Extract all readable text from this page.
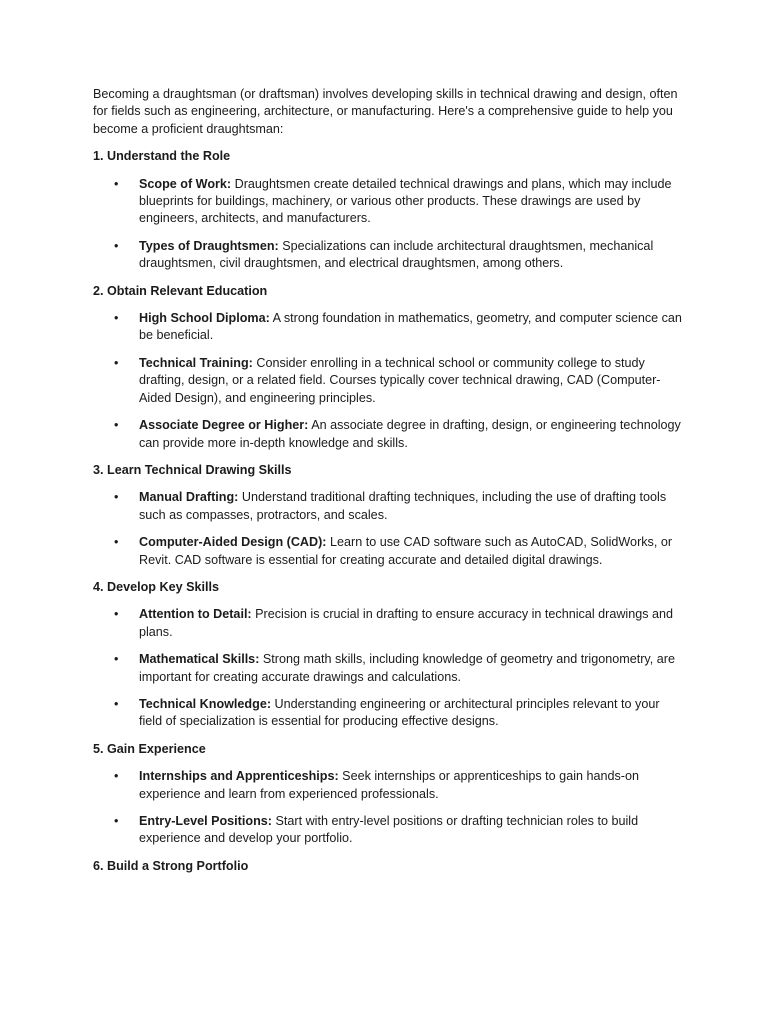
Becoming a draughtsman (or draftsman) involves developing skills in technical drawing and design, often for fields such as engineering, architecture, or manufacturing. Here's a comprehensive guide to help you become a proficient draughtsman:

1. Understand the Role
• Scope of Work: Draughtsmen create detailed technical drawings and plans, which may include blueprints for buildings, machinery, or various other products. These drawings are used by engineers, architects, and manufacturers.
• Types of Draughtsmen: Specializations can include architectural draughtsmen, mechanical draughtsmen, civil draughtsmen, and electrical draughtsmen, among others.
2. Obtain Relevant Education
• High School Diploma: A strong foundation in mathematics, geometry, and computer science can be beneficial.
• Technical Training: Consider enrolling in a technical school or community college to study drafting, design, or a related field. Courses typically cover technical drawing, CAD (Computer-Aided Design), and engineering principles.
• Associate Degree or Higher: An associate degree in drafting, design, or engineering technology can provide more in-depth knowledge and skills.
3. Learn Technical Drawing Skills
• Manual Drafting: Understand traditional drafting techniques, including the use of drafting tools such as compasses, protractors, and scales.
• Computer-Aided Design (CAD): Learn to use CAD software such as AutoCAD, SolidWorks, or Revit. CAD software is essential for creating accurate and detailed digital drawings.
4. Develop Key Skills
• Attention to Detail: Precision is crucial in drafting to ensure accuracy in technical drawings and plans.
• Mathematical Skills: Strong math skills, including knowledge of geometry and trigonometry, are important for creating accurate drawings and calculations.
• Technical Knowledge: Understanding engineering or architectural principles relevant to your field of specialization is essential for producing effective designs.
5. Gain Experience
• Internships and Apprenticeships: Seek internships or apprenticeships to gain hands-on experience and learn from experienced professionals.
• Entry-Level Positions: Start with entry-level positions or drafting technician roles to build experience and develop your portfolio.
6. Build a Strong Portfolio
